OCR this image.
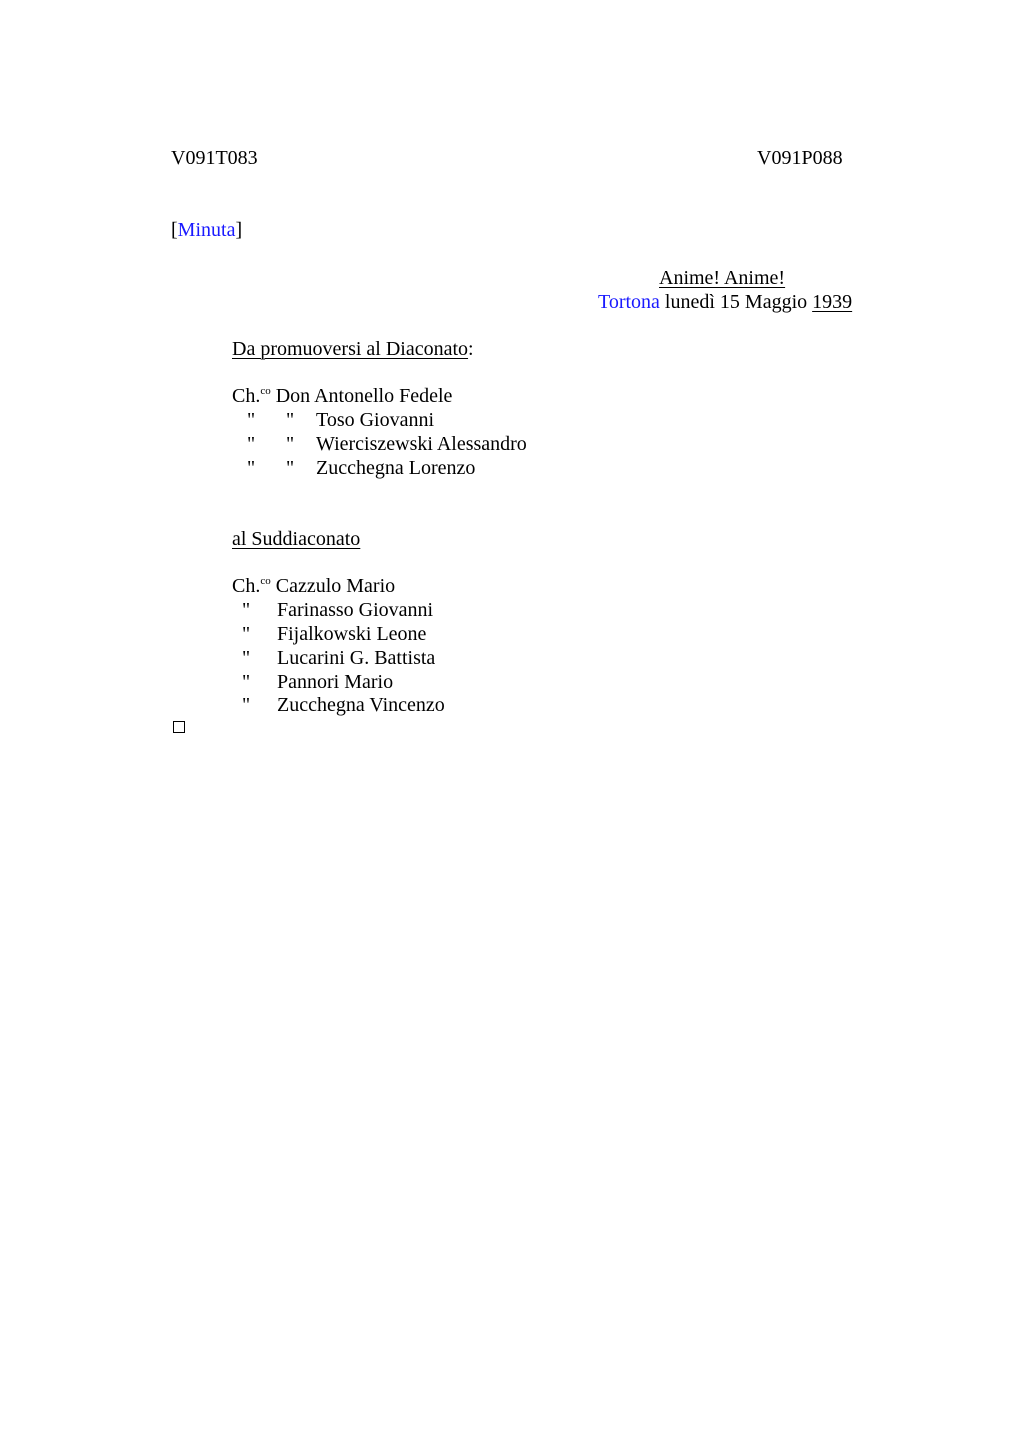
V091T083	V091P088
[Minuta]
Anime! Anime!
Tortona lunedì 15 Maggio 1939
Da promuoversi al Diaconato:
Ch.$^{co}$ Don Antonello Fedele
" " Toso Giovanni
" " Wierciszewski Alessandro
" " Zucchegna Lorenzo
al Suddiaconato
Ch.$^{co}$ Cazzulo Mario
" Farinasso Giovanni
" Fijalkowski Leone
" Lucarini G. Battista
" Pannori Mario
" Zucchegna Vincenzo
